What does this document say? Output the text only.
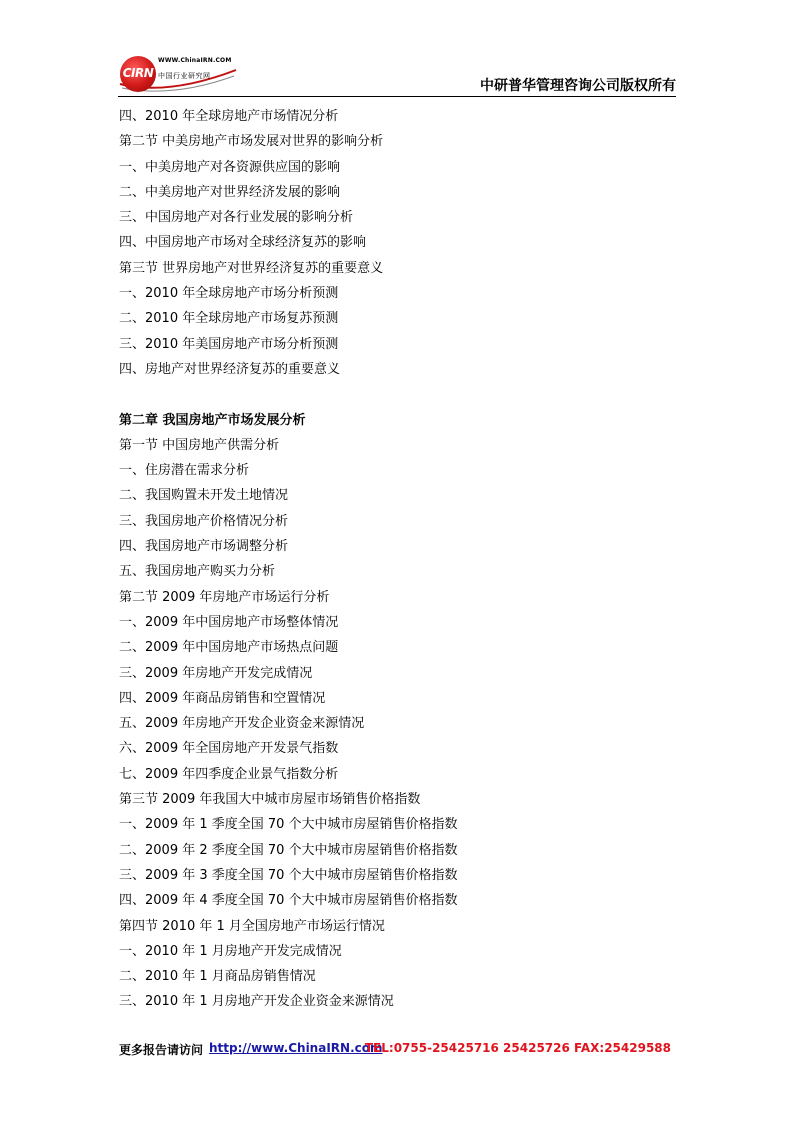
CIRN
WWW.ChinaIRN.COM
中国行业研究网
中研普华管理咨询公司版权所有
四、2010 年全球房地产市场情况分析
第二节 中美房地产市场发展对世界的影响分析
一、中美房地产对各资源供应国的影响
二、中美房地产对世界经济发展的影响
三、中国房地产对各行业发展的影响分析
四、中国房地产市场对全球经济复苏的影响
第三节 世界房地产对世界经济复苏的重要意义
一、2010 年全球房地产市场分析预测
二、2010 年全球房地产市场复苏预测
三、2010 年美国房地产市场分析预测
四、房地产对世界经济复苏的重要意义
第二章 我国房地产市场发展分析
第一节 中国房地产供需分析
一、住房潜在需求分析
二、我国购置未开发土地情况
三、我国房地产价格情况分析
四、我国房地产市场调整分析
五、我国房地产购买力分析
第二节 2009 年房地产市场运行分析
一、2009 年中国房地产市场整体情况
二、2009 年中国房地产市场热点问题
三、2009 年房地产开发完成情况
四、2009 年商品房销售和空置情况
五、2009 年房地产开发企业资金来源情况
六、2009 年全国房地产开发景气指数
七、2009 年四季度企业景气指数分析
第三节 2009 年我国大中城市房屋市场销售价格指数
一、2009 年 1 季度全国 70 个大中城市房屋销售价格指数
二、2009 年 2 季度全国 70 个大中城市房屋销售价格指数
三、2009 年 3 季度全国 70 个大中城市房屋销售价格指数
四、2009 年 4 季度全国 70 个大中城市房屋销售价格指数
第四节 2010 年 1 月全国房地产市场运行情况
一、2010 年 1 月房地产开发完成情况
二、2010 年 1 月商品房销售情况
三、2010 年 1 月房地产开发企业资金来源情况
更多报告请访问 http://www.ChinaIRN.com
TEL:0755-25425716 25425726 FAX:25429588
